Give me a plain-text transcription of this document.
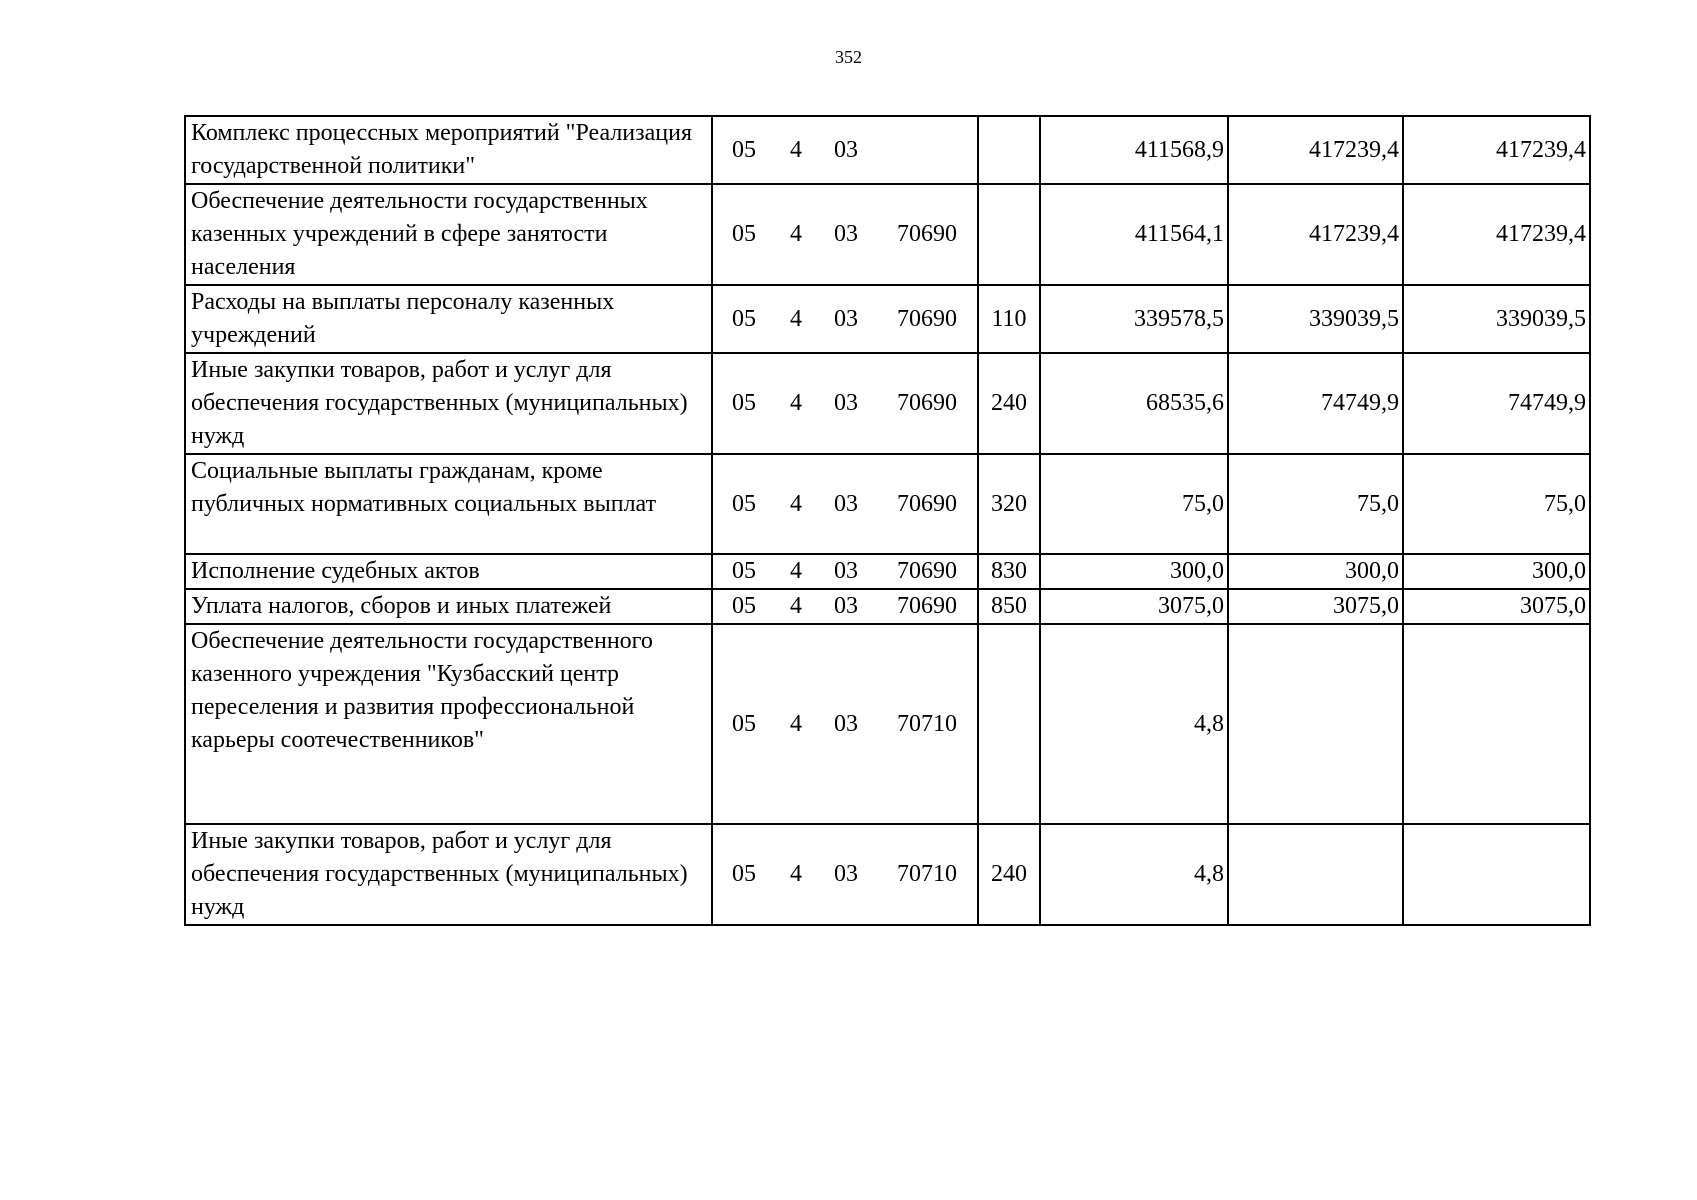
352
Комплекс процессных мероприятий "Реализация государственной политики"	05 4 03		411568,9	417239,4	417239,4
Обеспечение деятельности государственных казенных учреждений в сфере занятости населения	05 4 03 70690		411564,1	417239,4	417239,4
Расходы на выплаты персоналу казенных учреждений	05 4 03 70690	110	339578,5	339039,5	339039,5
Иные закупки товаров, работ и услуг для обеспечения государственных (муниципальных) нужд	05 4 03 70690	240	68535,6	74749,9	74749,9
Социальные выплаты гражданам, кроме публичных нормативных социальных выплат	05 4 03 70690	320	75,0	75,0	75,0
Исполнение судебных актов	05 4 03 70690	830	300,0	300,0	300,0
Уплата налогов, сборов и иных платежей	05 4 03 70690	850	3075,0	3075,0	3075,0
Обеспечение деятельности государственного казенного учреждения "Кузбасский центр переселения и развития профессиональной карьеры соотечественников"	05 4 03 70710		4,8		
Иные закупки товаров, работ и услуг для обеспечения государственных (муниципальных) нужд	05 4 03 70710	240	4,8		
